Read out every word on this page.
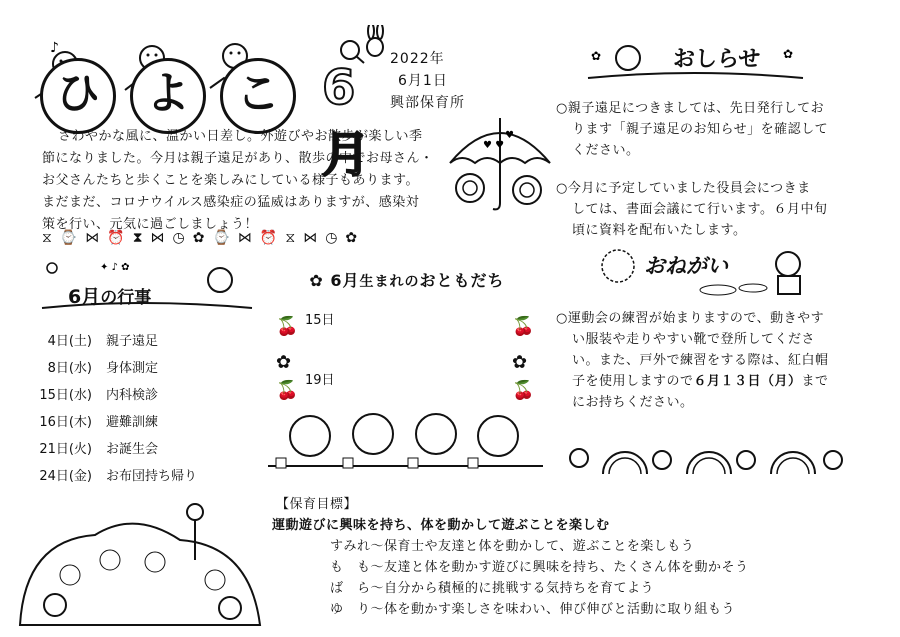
♪
ひ	よ	こ 6月
2022年
6月1日
興部保育所
さわやかな風に、温かい日差し。外遊びやお散歩が楽しい季
節になりました。今月は親子遠足があり、散歩の中でお母さん・
お父さんたちと歩くことを楽しみにしている様子もあります。
まだまだ、コロナウイルス感染症の猛威はありますが、感染対
策を行い、元気に過ごしましょう！
♥ ♥
♥
⧖ ⌚ ⋈ ⏰ ⧗ ⋈ ◷ ✿ ⌚ ⋈ ⏰ ⧖ ⋈ ◷ ✿
✦ ♪ ✿
6月の行事
4日(土) 親子遠足
8日(水) 身体測定
15日(水) 内科検診
16日(木) 避難訓練
21日(火) お誕生会
24日(金) お布団持ち帰り
✿ 6月生まれのおともだち
🍒	🍒
✿	✿
🍒	🍒
15日
19日
✿	✿
おしらせ
○親子遠足につきましては、先日発行してお
ります「親子遠足のお知らせ」を確認して
ください。
○今月に予定していました役員会につきま
しては、書面会議にて行います。６月中旬
頃に資料を配布いたします。
おねがい
○運動会の練習が始まりますので、動きやす
い服装や走りやすい靴で登所してくださ
い。また、戸外で練習をする際は、紅白帽
子を使用しますので６月１３日（月）まで
にお持ちください。
【保育目標】
運動遊びに興味を持ち、体を動かして遊ぶことを楽しむ
すみれ～保育士や友達と体を動かして、遊ぶことを楽しもう
も　も～友達と体を動かす遊びに興味を持ち、たくさん体を動かそう
ば　ら～自分から積極的に挑戦する気持ちを育てよう
ゆ　り～体を動かす楽しさを味わい、伸び伸びと活動に取り組もう
